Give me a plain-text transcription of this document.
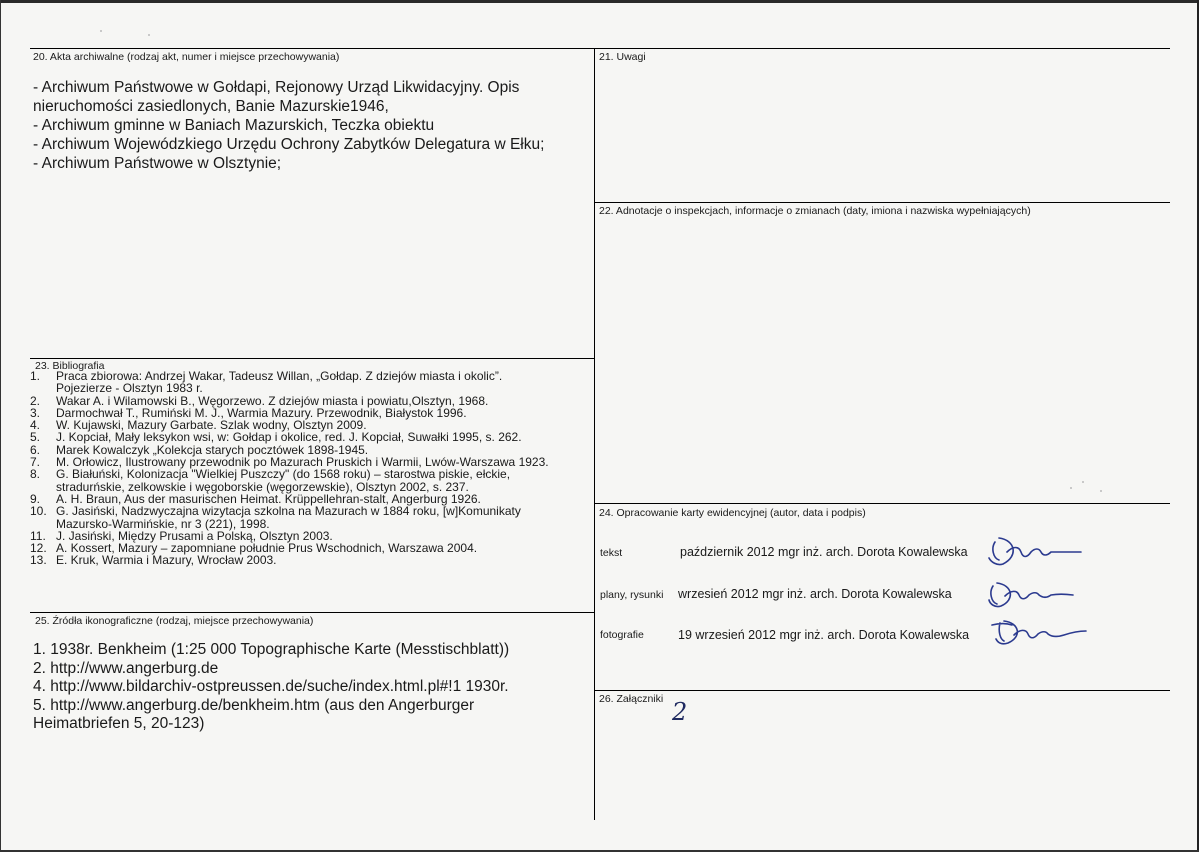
20. Akta archiwalne (rodzaj akt, numer i miejsce przechowywania)
- Archiwum Państwowe w Gołdapi, Rejonowy Urząd Likwidacyjny. Opis
nieruchomości zasiedlonych, Banie Mazurskie1946,
- Archiwum gminne w Baniach Mazurskich, Teczka obiektu
- Archiwum Wojewódzkiego Urzędu Ochrony Zabytków Delegatura w Ełku;
- Archiwum Państwowe w Olsztynie;
21. Uwagi
22. Adnotacje o inspekcjach, informacje o zmianach (daty, imiona i nazwiska wypełniających)
23. Bibliografia
1.	Praca zbiorowa: Andrzej Wakar, Tadeusz Willan, „Gołdap. Z dziejów miasta i okolic”.
Pojezierze - Olsztyn 1983 r.
2.	Wakar A. i Wilamowski B., Węgorzewo. Z dziejów miasta i powiatu,Olsztyn, 1968.
3.	Darmochwał T., Rumiński M. J., Warmia Mazury. Przewodnik, Białystok 1996.
4.	W. Kujawski, Mazury Garbate. Szlak wodny, Olsztyn 2009.
5.	J. Kopciał, Mały leksykon wsi, w: Gołdap i okolice, red. J. Kopciał, Suwałki 1995, s. 262.
6.	Marek Kowalczyk „Kolekcja starych pocztówek 1898-1945.
7.	M. Orłowicz, Ilustrowany przewodnik po Mazurach Pruskich i Warmii, Lwów-Warszawa 1923.
8.	G. Białuński, Kolonizacja "Wielkiej Puszczy" (do 1568 roku) – starostwa piskie, ełckie,
stradurńskie, zelkowskie i węgoborskie (węgorzewskie), Olsztyn 2002, s. 237.
9.	A. H. Braun, Aus der masurischen Heimat. Krüppellehran-stalt, Angerburg 1926.
10. G. Jasiński, Nadzwyczajna wizytacja szkolna na Mazurach w 1884 roku, [w]Komunikaty
Mazursko-Warmińskie, nr 3 (221), 1998.
11. J. Jasiński, Między Prusami a Polską, Olsztyn 2003.
12. A. Kossert, Mazury – zapomniane południe Prus Wschodnich, Warszawa 2004.
13. E. Kruk, Warmia i Mazury, Wrocław 2003.
24. Opracowanie karty ewidencyjnej (autor, data i podpis)
tekst	październik 2012 mgr inż. arch. Dorota Kowalewska
plany, rysunki wrzesień 2012 mgr inż. arch. Dorota Kowalewska
fotografie	19 wrzesień 2012 mgr inż. arch. Dorota Kowalewska
25. Źródła ikonograficzne (rodzaj, miejsce przechowywania)
1. 1938r. Benkheim (1:25 000 Topographische Karte (Messtischblatt))
2. http://www.angerburg.de
4. http://www.bildarchiv-ostpreussen.de/suche/index.html.pl#!1 1930r.
5. http://www.angerburg.de/benkheim.htm (aus den Angerburger
Heimatbriefen 5, 20-123)
26. Załączniki 2
